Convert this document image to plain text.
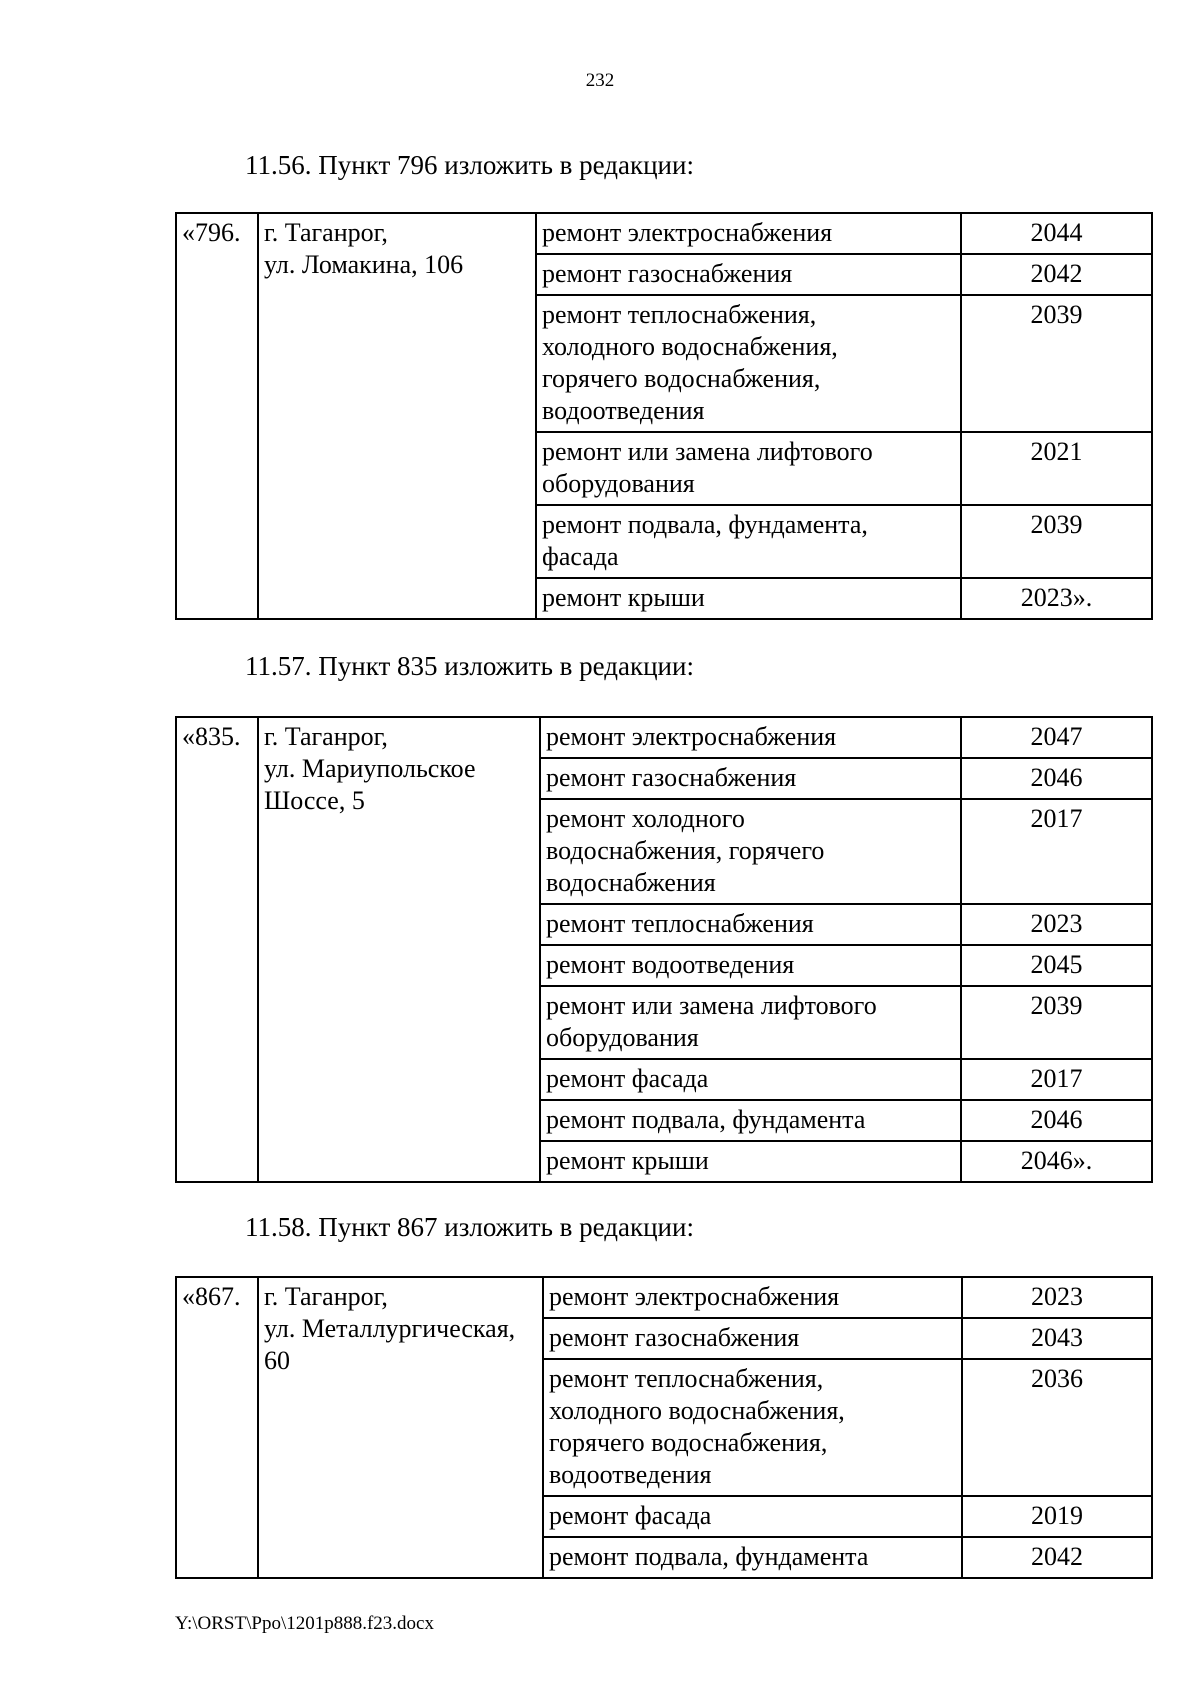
232
11.56. Пункт 796 изложить в редакции:
«796.	г. Таганрог,
ул. Ломакина, 106	ремонт электроснабжения	2044
		ремонт газоснабжения	2042
		ремонт теплоснабжения,
холодного водоснабжения,
горячего водоснабжения,
водоотведения	2039
		ремонт или замена лифтового
оборудования	2021
		ремонт подвала, фундамента,
фасада	2039
		ремонт крыши	2023».
11.57. Пункт 835 изложить в редакции:
«835.	г. Таганрог,
ул. Мариупольское
Шоссе, 5	ремонт электроснабжения	2047
		ремонт газоснабжения	2046
		ремонт холодного
водоснабжения, горячего
водоснабжения	2017
		ремонт теплоснабжения	2023
		ремонт водоотведения	2045
		ремонт или замена лифтового
оборудования	2039
		ремонт фасада	2017
		ремонт подвала, фундамента	2046
		ремонт крыши	2046».
11.58. Пункт 867 изложить в редакции:
«867.	г. Таганрог,
ул. Металлургическая,
60	ремонт электроснабжения	2023
		ремонт газоснабжения	2043
		ремонт теплоснабжения,
холодного водоснабжения,
горячего водоснабжения,
водоотведения	2036
		ремонт фасада	2019
		ремонт подвала, фундамента	2042
Y:\ORST\Ppo\1201p888.f23.docx
